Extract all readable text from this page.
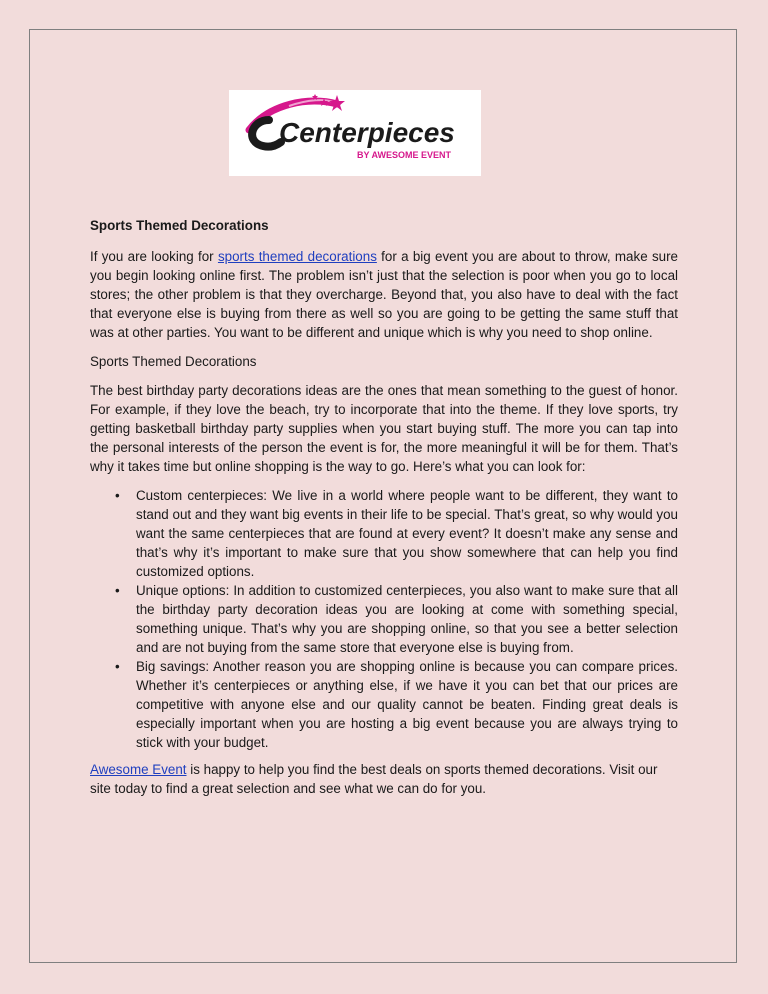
Centerpieces
BY AWESOME EVENT

Sports Themed Decorations

If you are looking for sports themed decorations for a big event you are about to throw, make sure you begin looking online first. The problem isn’t just that the selection is poor when you go to local stores; the other problem is that they overcharge. Beyond that, you also have to deal with the fact that everyone else is buying from there as well so you are going to be getting the same stuff that was at other parties. You want to be different and unique which is why you need to shop online.

Sports Themed Decorations

The best birthday party decorations ideas are the ones that mean something to the guest of honor. For example, if they love the beach, try to incorporate that into the theme. If they love sports, try getting basketball birthday party supplies when you start buying stuff. The more you can tap into the personal interests of the person the event is for, the more meaningful it will be for them. That’s why it takes time but online shopping is the way to go. Here’s what you can look for:

• Custom centerpieces: We live in a world where people want to be different, they want to stand out and they want big events in their life to be special. That’s great, so why would you want the same centerpieces that are found at every event? It doesn’t make any sense and that’s why it’s important to make sure that you show somewhere that can help you find customized options.
• Unique options: In addition to customized centerpieces, you also want to make sure that all the birthday party decoration ideas you are looking at come with something special, something unique. That’s why you are shopping online, so that you see a better selection and are not buying from the same store that everyone else is buying from.
• Big savings: Another reason you are shopping online is because you can compare prices. Whether it’s centerpieces or anything else, if we have it you can bet that our prices are competitive with anyone else and our quality cannot be beaten. Finding great deals is especially important when you are hosting a big event because you are always trying to stick with your budget.

Awesome Event is happy to help you find the best deals on sports themed decorations. Visit our site today to find a great selection and see what we can do for you.
